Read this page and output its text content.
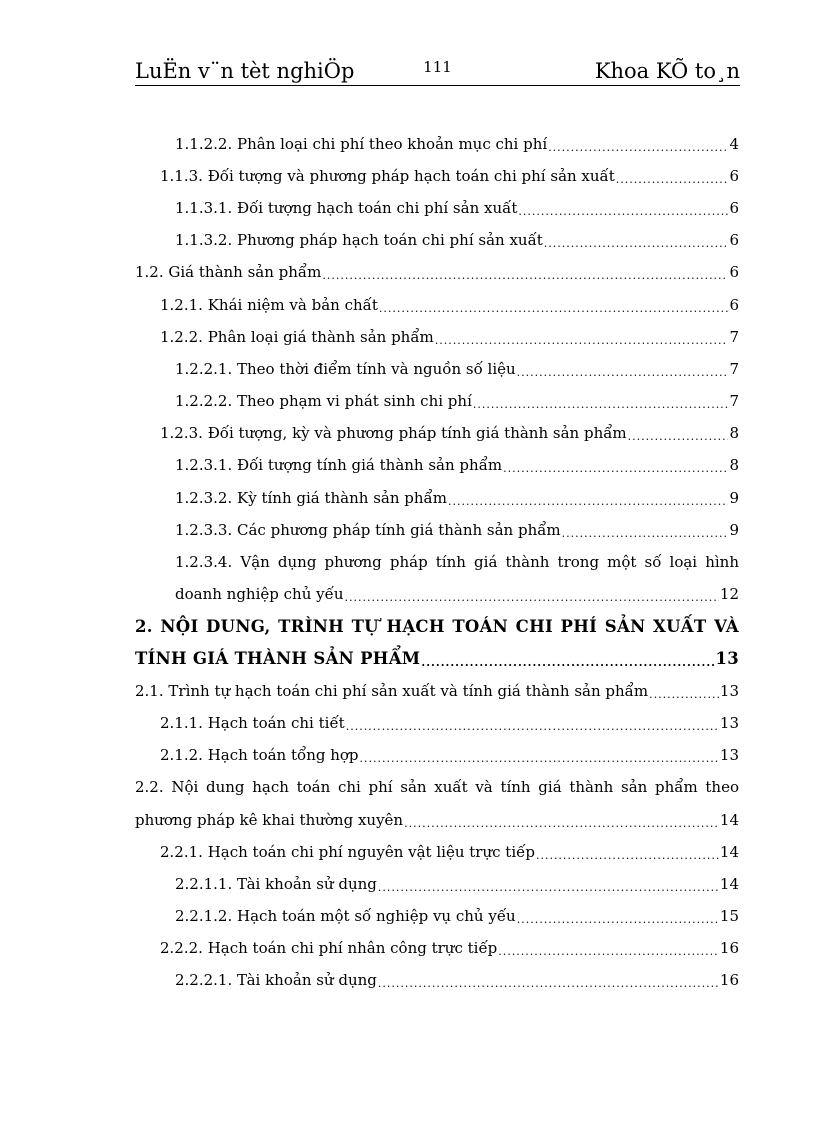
LuËn v¨n tèt nghiÖp	111	Khoa KÕ to¸n
1.1.2.2. Phân loại chi phí theo khoản mục chi phí .....	4
1.1.3. Đối tượng và phương pháp hạch toán chi phí sản xuất .....	6
1.1.3.1. Đối tượng hạch toán chi phí sản xuất .....	6
1.1.3.2. Phương pháp hạch toán chi phí sản xuất .....	6
1.2. Giá thành sản phẩm .....	6
1.2.1. Khái niệm và bản chất .....	6
1.2.2. Phân loại giá thành sản phẩm .....	7
1.2.2.1. Theo thời điểm tính và nguồn số liệu .....	7
1.2.2.2. Theo phạm vi phát sinh chi phí .....	7
1.2.3. Đối tượng, kỳ và phương pháp tính giá thành sản phẩm .....	8
1.2.3.1. Đối tượng tính giá thành sản phẩm .....	8
1.2.3.2. Kỳ tính giá thành sản phẩm .....	9
1.2.3.3. Các phương pháp tính giá thành sản phẩm .....	9
1.2.3.4. Vận dụng phương pháp tính giá thành trong một số loại hình
doanh nghiệp chủ yếu .....	12
2. NỘI DUNG, TRÌNH TỰ HẠCH TOÁN CHI PHÍ SẢN XUẤT VÀ
TÍNH GIÁ THÀNH SẢN PHẨM .....	13
2.1. Trình tự hạch toán chi phí sản xuất và tính giá thành sản phẩm .....	13
2.1.1. Hạch toán chi tiết .....	13
2.1.2. Hạch toán tổng hợp .....	13
2.2. Nội dung hạch toán chi phí sản xuất và tính giá thành sản phẩm theo
phương pháp kê khai thường xuyên .....	14
2.2.1. Hạch toán chi phí nguyên vật liệu trực tiếp .....	14
2.2.1.1. Tài khoản sử dụng .....	14
2.2.1.2. Hạch toán một số nghiệp vụ chủ yếu .....	15
2.2.2. Hạch toán chi phí nhân công trực tiếp .....	16
2.2.2.1. Tài khoản sử dụng .....	16
